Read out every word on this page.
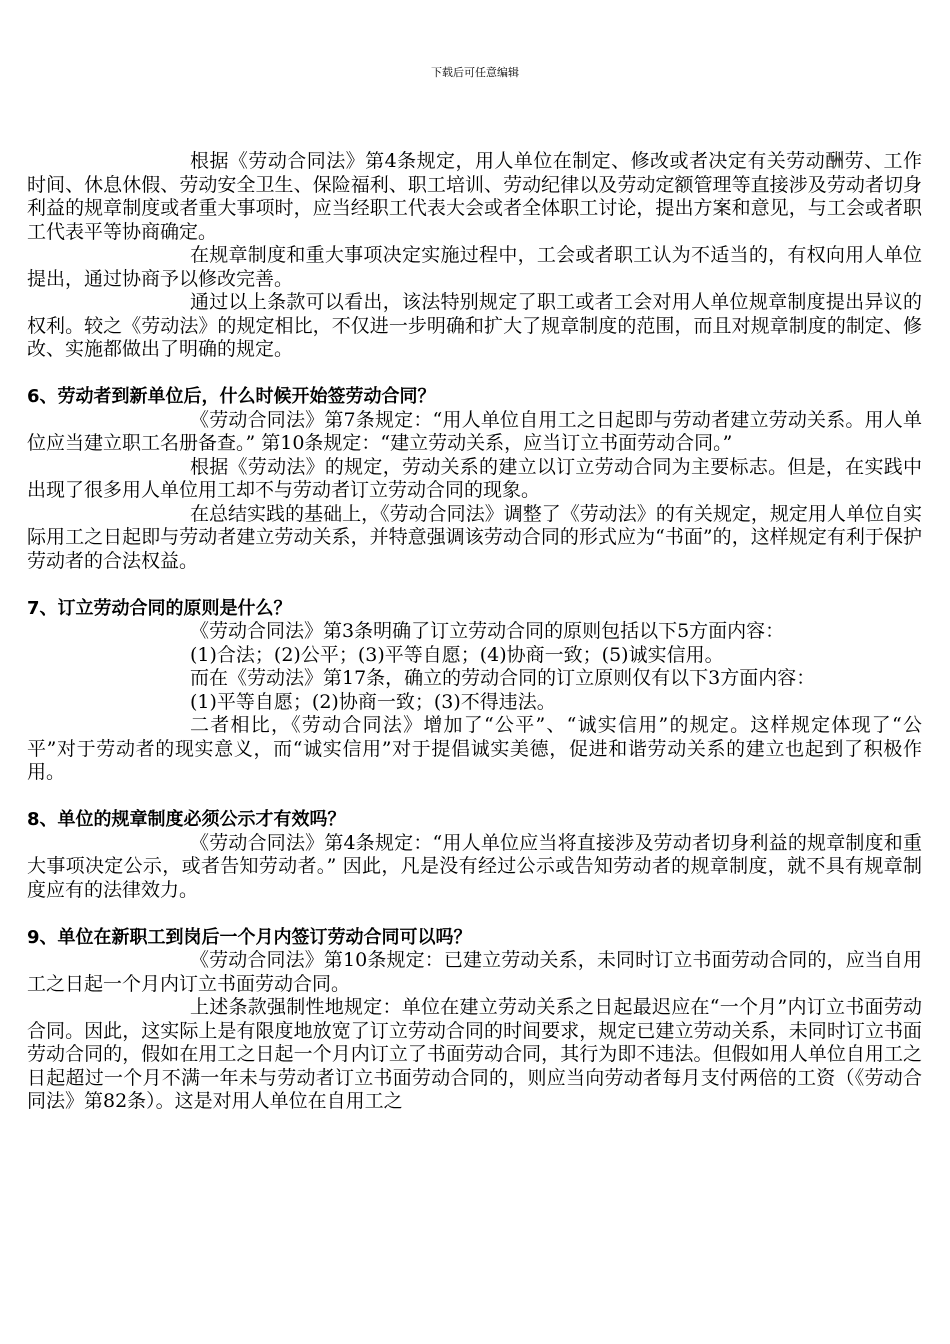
下载后可任意编辑

根据《劳动合同法》第4条规定，用人单位在制定、修改或者决定有关劳动酬劳、工作时间、休息休假、劳动安全卫生、保险福利、职工培训、劳动纪律以及劳动定额管理等直接涉及劳动者切身利益的规章制度或者重大事项时，应当经职工代表大会或者全体职工讨论，提出方案和意见，与工会或者职工代表平等协商确定。

在规章制度和重大事项决定实施过程中，工会或者职工认为不适当的，有权向用人单位提出，通过协商予以修改完善。

通过以上条款可以看出，该法特别规定了职工或者工会对用人单位规章制度提出异议的权利。较之《劳动法》的规定相比，不仅进一步明确和扩大了规章制度的范围，而且对规章制度的制定、修改、实施都做出了明确的规定。

6、劳动者到新单位后，什么时候开始签劳动合同？

《劳动合同法》第7条规定：“用人单位自用工之日起即与劳动者建立劳动关系。用人单位应当建立职工名册备查。” 第10条规定：“建立劳动关系，应当订立书面劳动合同。”

根据《劳动法》的规定，劳动关系的建立以订立劳动合同为主要标志。但是，在实践中出现了很多用人单位用工却不与劳动者订立劳动合同的现象。

在总结实践的基础上，《劳动合同法》调整了《劳动法》的有关规定，规定用人单位自实际用工之日起即与劳动者建立劳动关系，并特意强调该劳动合同的形式应为“书面”的，这样规定有利于保护劳动者的合法权益。

7、订立劳动合同的原则是什么？

《劳动合同法》第3条明确了订立劳动合同的原则包括以下5方面内容：

(1)合法；(2)公平；(3)平等自愿；(4)协商一致；(5)诚实信用。

而在《劳动法》第17条，确立的劳动合同的订立原则仅有以下3方面内容：

(1)平等自愿；(2)协商一致；(3)不得违法。

二者相比，《劳动合同法》增加了“公平”、“诚实信用”的规定。这样规定体现了“公平”对于劳动者的现实意义，而“诚实信用”对于提倡诚实美德，促进和谐劳动关系的建立也起到了积极作用。

8、单位的规章制度必须公示才有效吗？

《劳动合同法》第4条规定：“用人单位应当将直接涉及劳动者切身利益的规章制度和重大事项决定公示，或者告知劳动者。” 因此，凡是没有经过公示或告知劳动者的规章制度，就不具有规章制度应有的法律效力。

9、单位在新职工到岗后一个月内签订劳动合同可以吗？

《劳动合同法》第10条规定：已建立劳动关系，未同时订立书面劳动合同的，应当自用工之日起一个月内订立书面劳动合同。

上述条款强制性地规定：单位在建立劳动关系之日起最迟应在“一个月”内订立书面劳动合同。因此，这实际上是有限度地放宽了订立劳动合同的时间要求，规定已建立劳动关系，未同时订立书面劳动合同的，假如在用工之日起一个月内订立了书面劳动合同，其行为即不违法。但假如用人单位自用工之日起超过一个月不满一年未与劳动者订立书面劳动合同的，则应当向劳动者每月支付两倍的工资（《劳动合同法》第82条）。这是对用人单位在自用工之
